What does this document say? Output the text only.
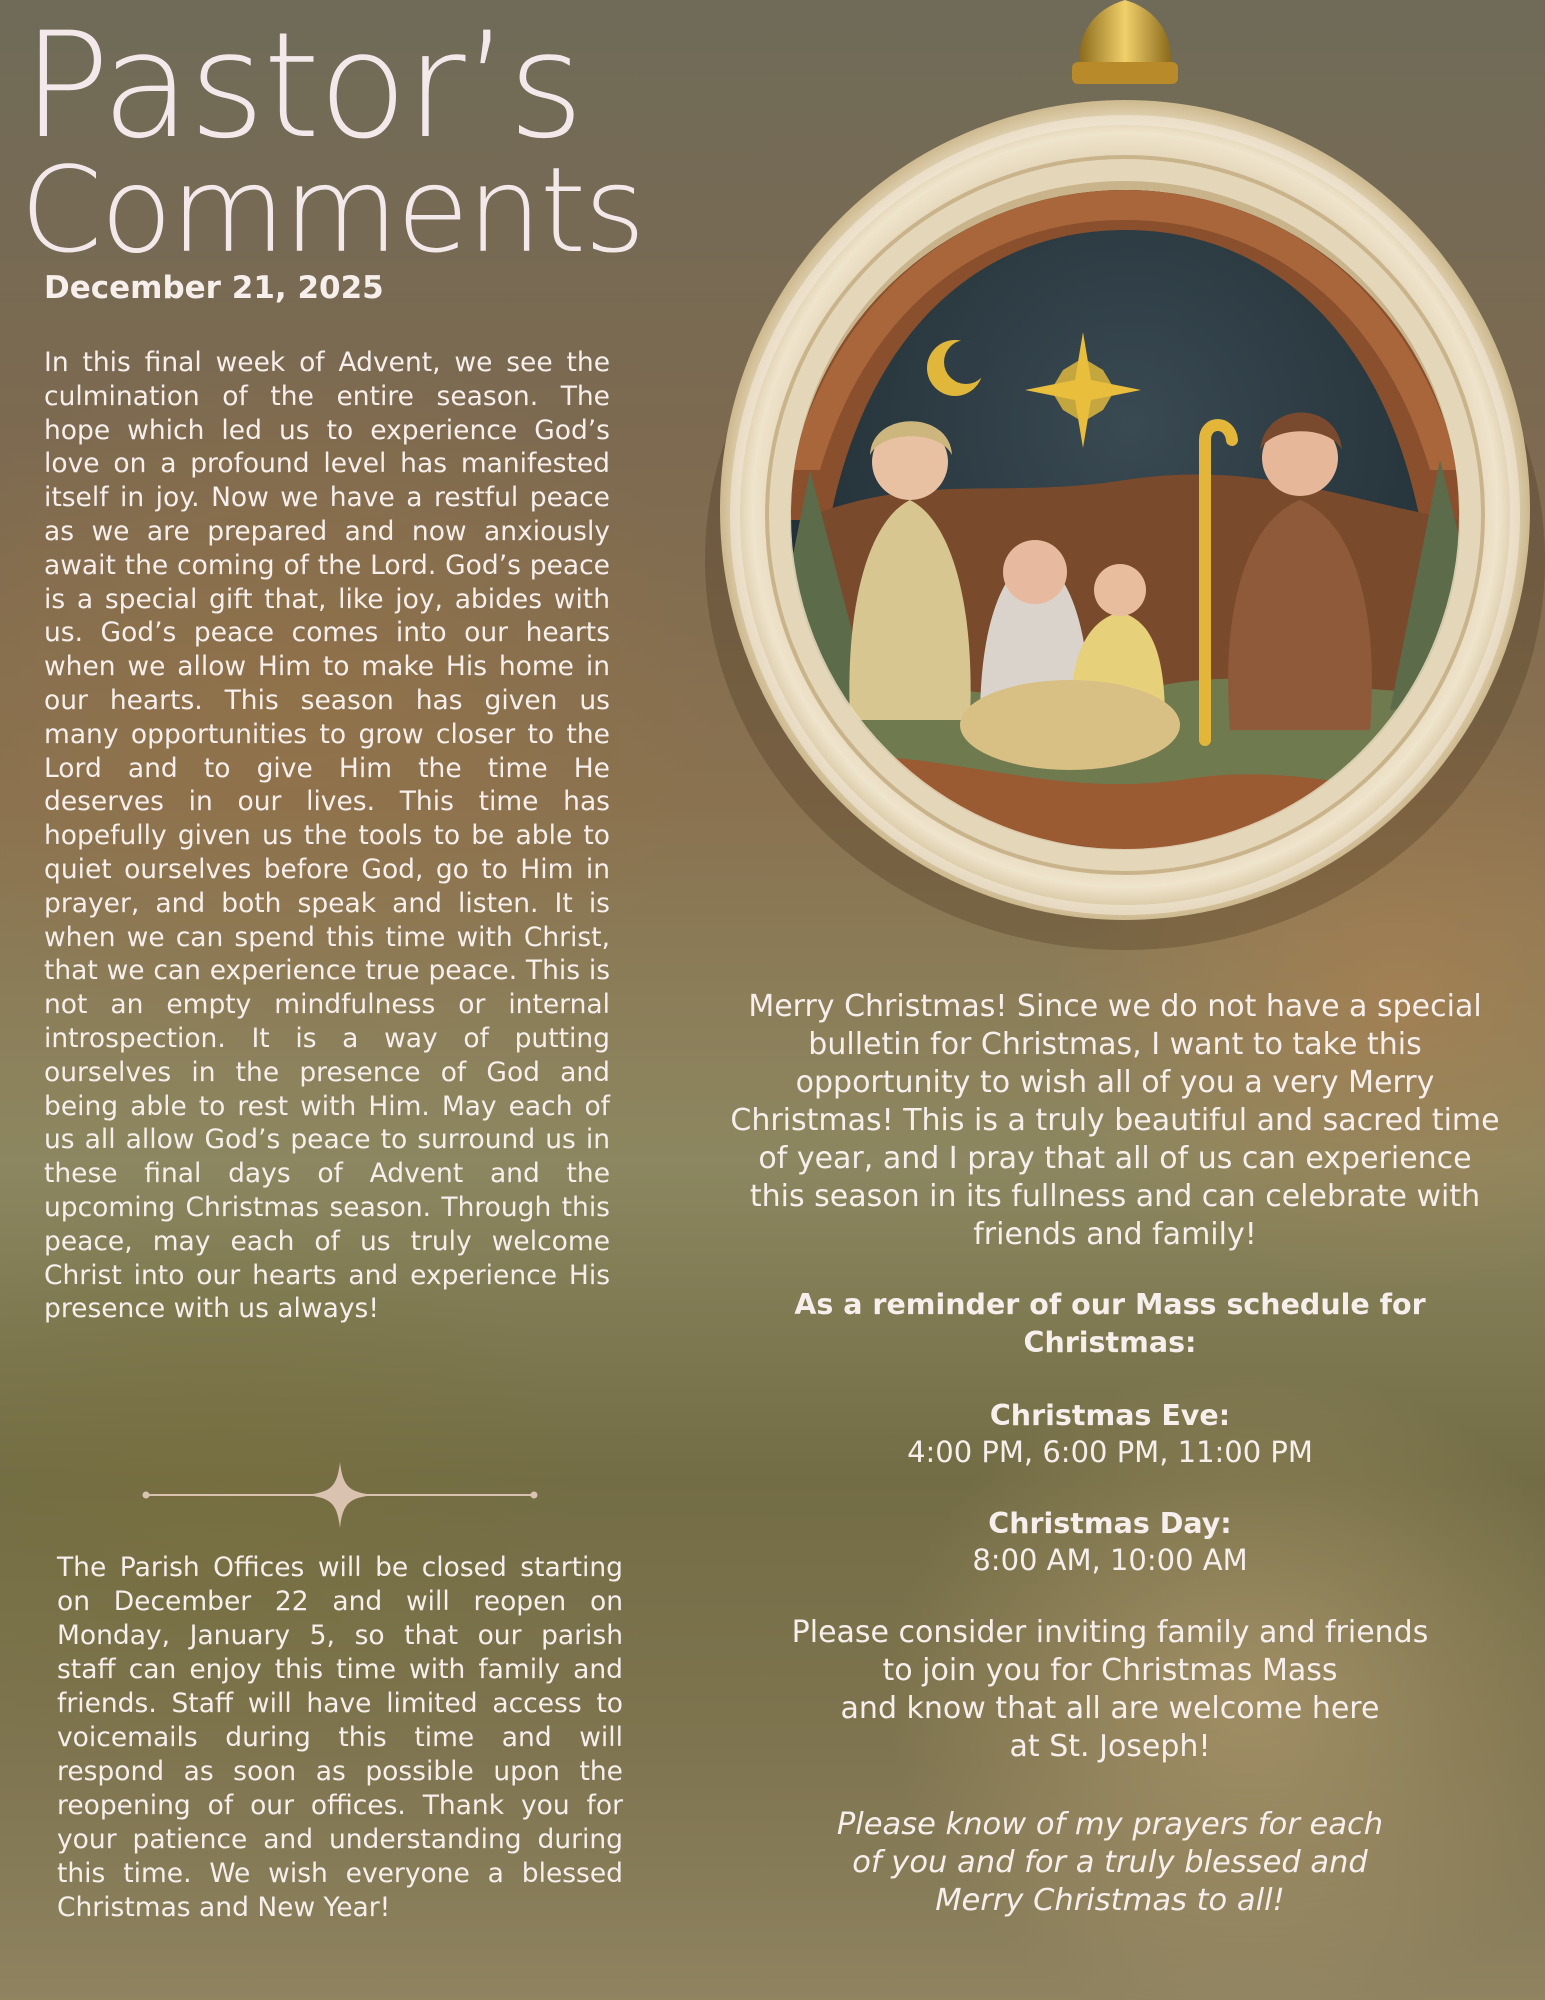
Pastor’s
Comments
December 21, 2025

In this final week of Advent, we see the culmination of the entire season. The hope which led us to experience God’s love on a profound level has manifested itself in joy. Now we have a restful peace as we are prepared and now anxiously await the coming of the Lord. God’s peace is a special gift that, like joy, abides with us. God’s peace comes into our hearts when we allow Him to make His home in our hearts. This season has given us many opportunities to grow closer to the Lord and to give Him the time He deserves in our lives. This time has hopefully given us the tools to be able to quiet ourselves before God, go to Him in prayer, and both speak and listen. It is when we can spend this time with Christ, that we can experience true peace. This is not an empty mindfulness or internal introspection. It is a way of putting ourselves in the presence of God and being able to rest with Him. May each of us all allow God’s peace to surround us in these final days of Advent and the upcoming Christmas season. Through this peace, may each of us truly welcome Christ into our hearts and experience His presence with us always!

The Parish Offices will be closed starting on December 22 and will reopen on Monday, January 5, so that our parish staff can enjoy this time with family and friends. Staff will have limited access to voicemails during this time and will respond as soon as possible upon the reopening of our offices. Thank you for your patience and understanding during this time. We wish everyone a blessed Christmas and New Year!

Merry Christmas! Since we do not have a special bulletin for Christmas, I want to take this opportunity to wish all of you a very Merry Christmas! This is a truly beautiful and sacred time of year, and I pray that all of us can experience this season in its fullness and can celebrate with friends and family!

As a reminder of our Mass schedule for Christmas:

Christmas Eve:
4:00 PM, 6:00 PM, 11:00 PM
Christmas Day:
8:00 AM, 10:00 AM

Please consider inviting family and friends
to join you for Christmas Mass
and know that all are welcome here
at St. Joseph!

Please know of my prayers for each
of you and for a truly blessed and
Merry Christmas to all!
